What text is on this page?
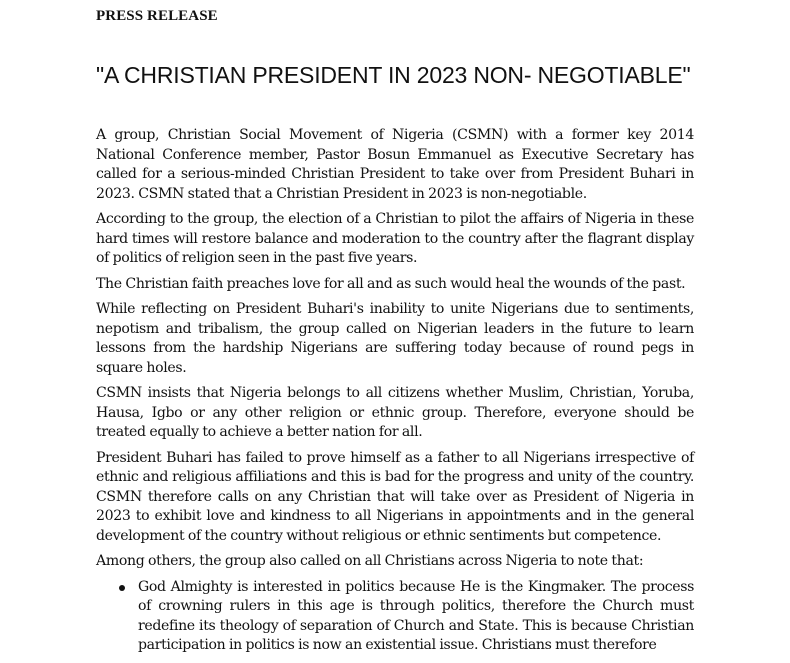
PRESS RELEASE
"A CHRISTIAN PRESIDENT IN 2023 NON- NEGOTIABLE"

A group, Christian Social Movement of Nigeria (CSMN) with a former key 2014 National Conference member, Pastor Bosun Emmanuel as Executive Secretary has called for a serious-minded Christian President to take over from President Buhari in 2023. CSMN stated that a Christian President in 2023 is non-negotiable.

According to the group, the election of a Christian to pilot the affairs of Nigeria in these hard times will restore balance and moderation to the country after the flagrant display of politics of religion seen in the past five years.

The Christian faith preaches love for all and as such would heal the wounds of the past.

While reflecting on President Buhari's inability to unite Nigerians due to sentiments, nepotism and tribalism, the group called on Nigerian leaders in the future to learn lessons from the hardship Nigerians are suffering today because of round pegs in square holes.

CSMN insists that Nigeria belongs to all citizens whether Muslim, Christian, Yoruba, Hausa, Igbo or any other religion or ethnic group. Therefore, everyone should be treated equally to achieve a better nation for all.

President Buhari has failed to prove himself as a father to all Nigerians irrespective of ethnic and religious affiliations and this is bad for the progress and unity of the country. CSMN therefore calls on any Christian that will take over as President of Nigeria in 2023 to exhibit love and kindness to all Nigerians in appointments and in the general development of the country without religious or ethnic sentiments but competence.

Among others, the group also called on all Christians across Nigeria to note that:

God Almighty is interested in politics because He is the Kingmaker. The process of crowning rulers in this age is through politics, therefore the Church must redefine its theology of separation of Church and State. This is because Christian participation in politics is now an existential issue. Christians must therefore
